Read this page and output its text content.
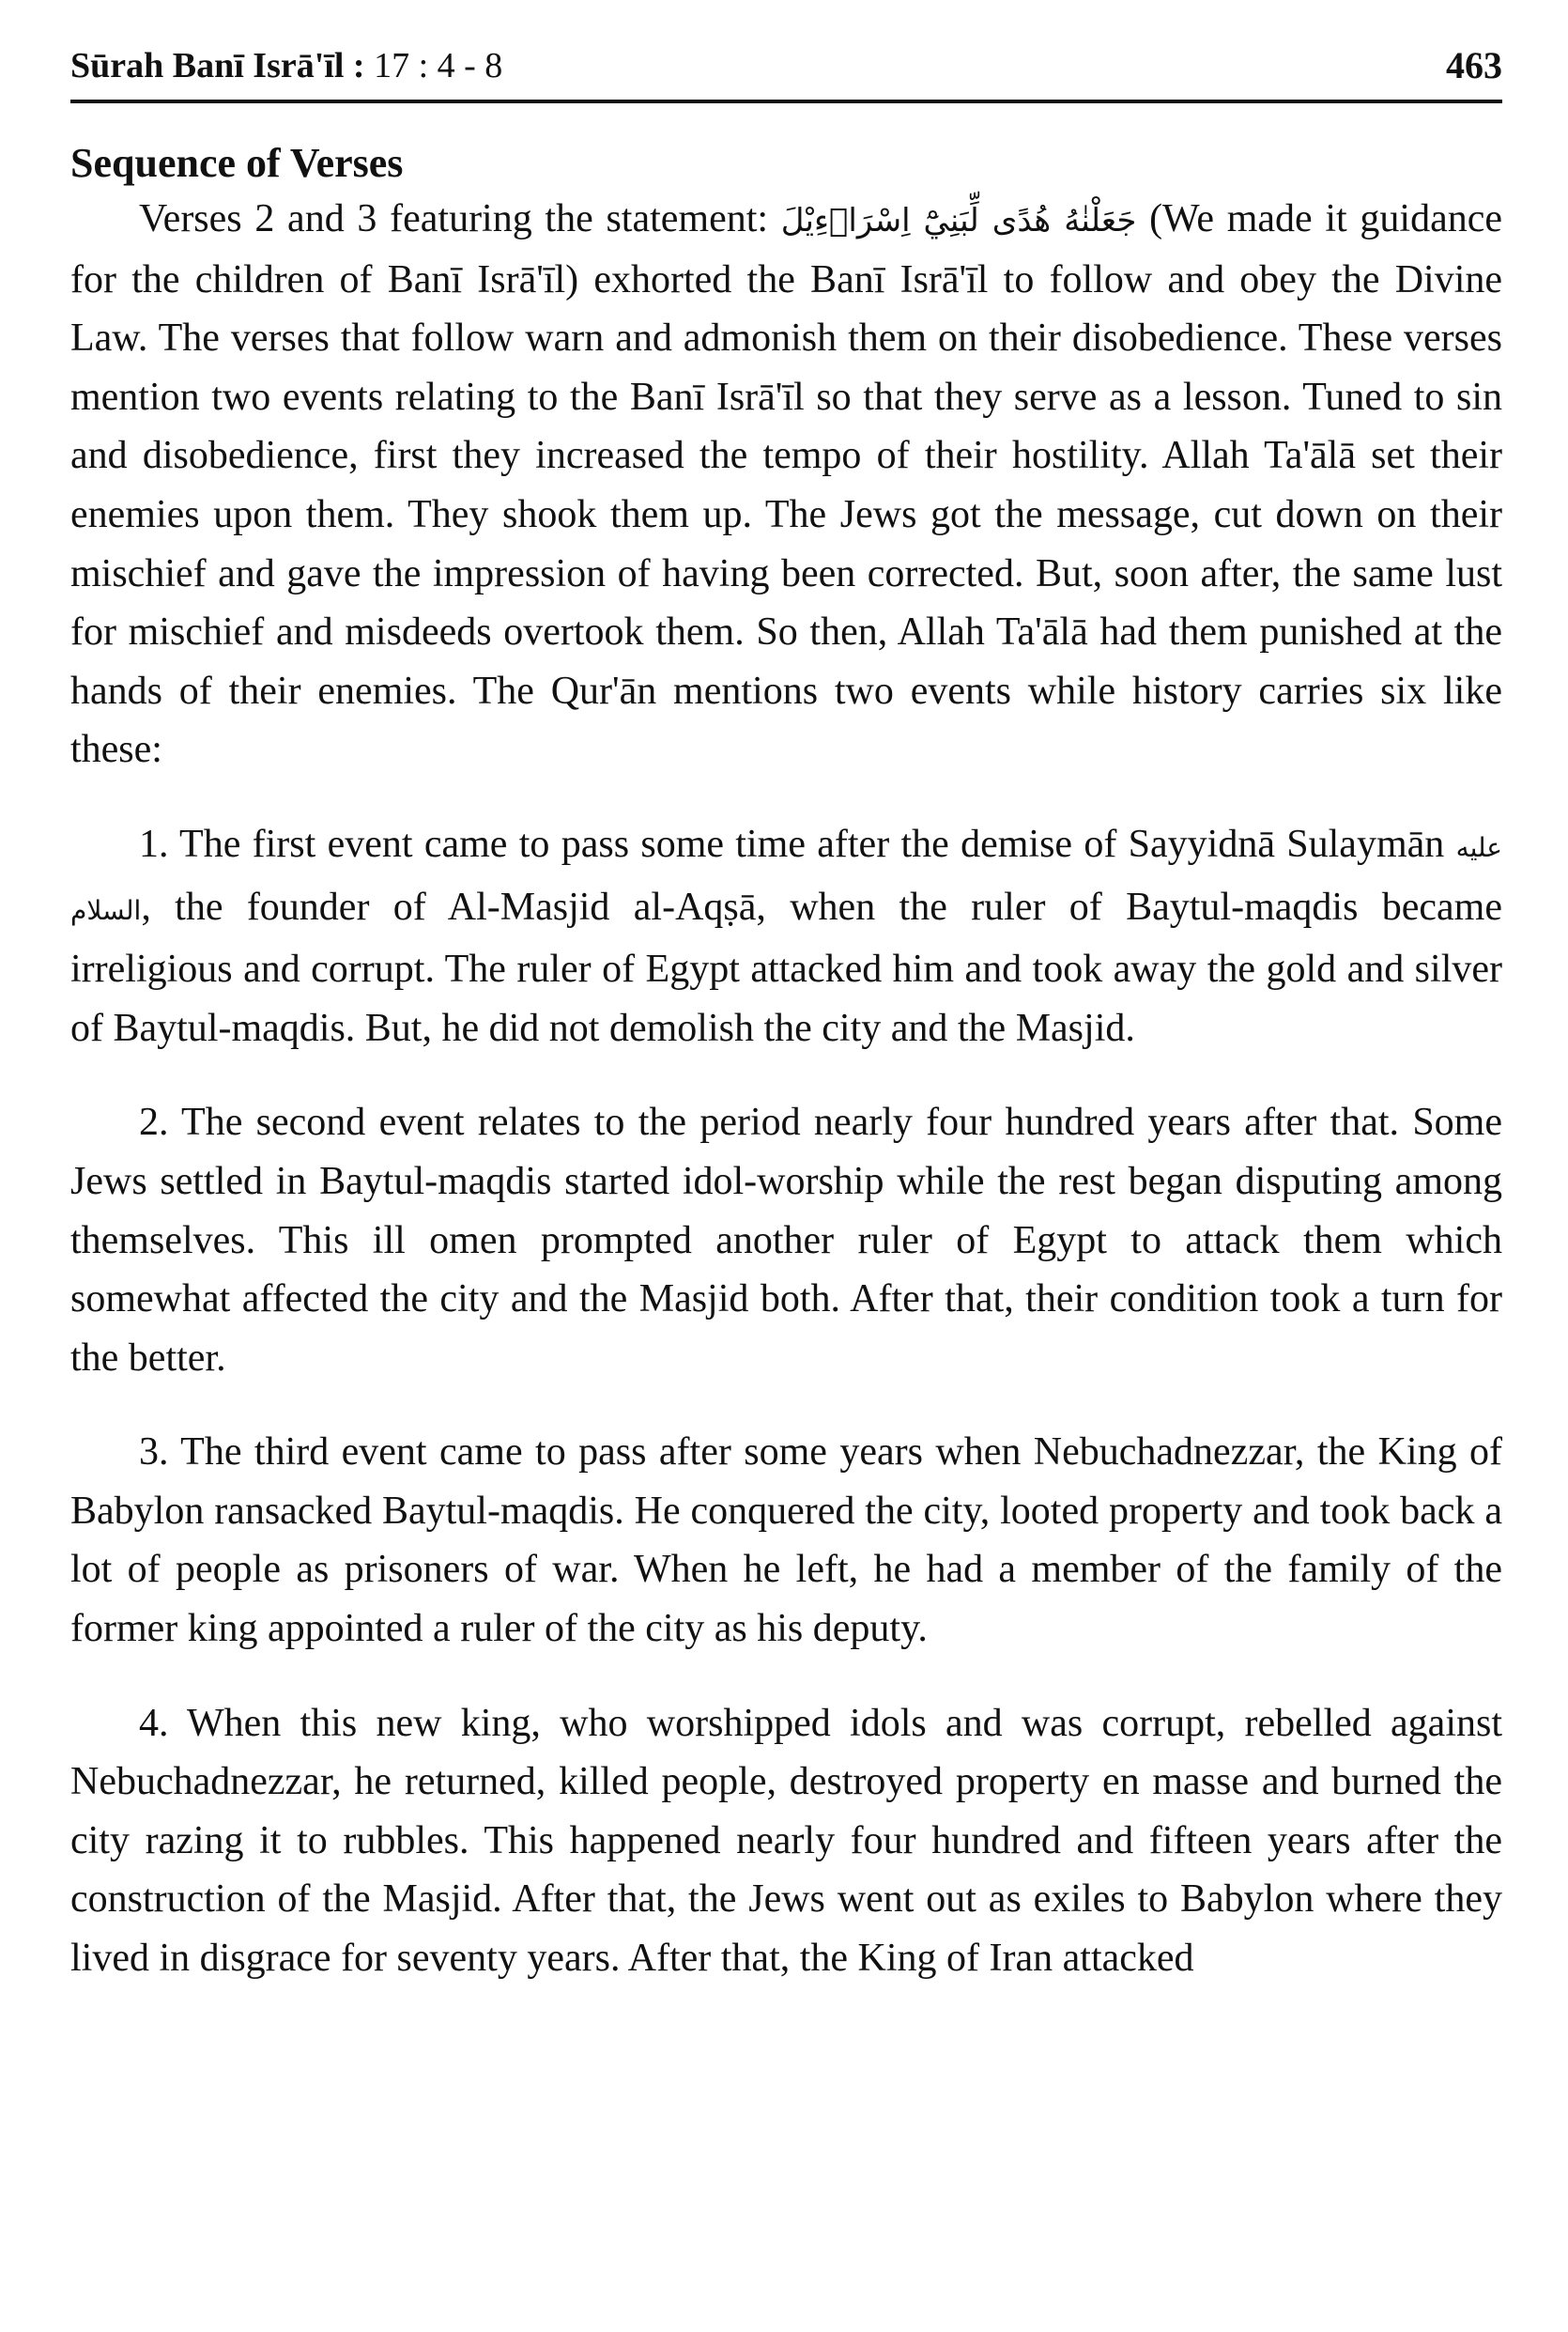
Sūrah Banī Isrā'īl : 17 : 4 - 8	463
Sequence of Verses

Verses 2 and 3 featuring the statement: جَعَلْنٰهُ هُدًى لِّبَنِيْٓ اِسْرَاۗءِيْلَ (We made it guidance for the children of Banī Isrā'īl) exhorted the Banī Isrā'īl to follow and obey the Divine Law. The verses that follow warn and admonish them on their disobedience. These verses mention two events relating to the Banī Isrā'īl so that they serve as a lesson. Tuned to sin and disobedience, first they increased the tempo of their hostility. Allah Ta'ālā set their enemies upon them. They shook them up. The Jews got the message, cut down on their mischief and gave the impression of having been corrected. But, soon after, the same lust for mischief and misdeeds overtook them. So then, Allah Ta'ālā had them punished at the hands of their enemies. The Qur'ān mentions two events while history carries six like these:

1. The first event came to pass some time after the demise of Sayyidnā Sulaymān عليه السلام, the founder of Al-Masjid al-Aqṣā, when the ruler of Baytul-maqdis became irreligious and corrupt. The ruler of Egypt attacked him and took away the gold and silver of Baytul-maqdis. But, he did not demolish the city and the Masjid.

2. The second event relates to the period nearly four hundred years after that. Some Jews settled in Baytul-maqdis started idol-worship while the rest began disputing among themselves. This ill omen prompted another ruler of Egypt to attack them which somewhat affected the city and the Masjid both. After that, their condition took a turn for the better.

3. The third event came to pass after some years when Nebuchadnezzar, the King of Babylon ransacked Baytul-maqdis. He conquered the city, looted property and took back a lot of people as prisoners of war. When he left, he had a member of the family of the former king appointed a ruler of the city as his deputy.

4. When this new king, who worshipped idols and was corrupt, rebelled against Nebuchadnezzar, he returned, killed people, destroyed property en masse and burned the city razing it to rubbles. This happened nearly four hundred and fifteen years after the construction of the Masjid. After that, the Jews went out as exiles to Babylon where they lived in disgrace for seventy years. After that, the King of Iran attacked
